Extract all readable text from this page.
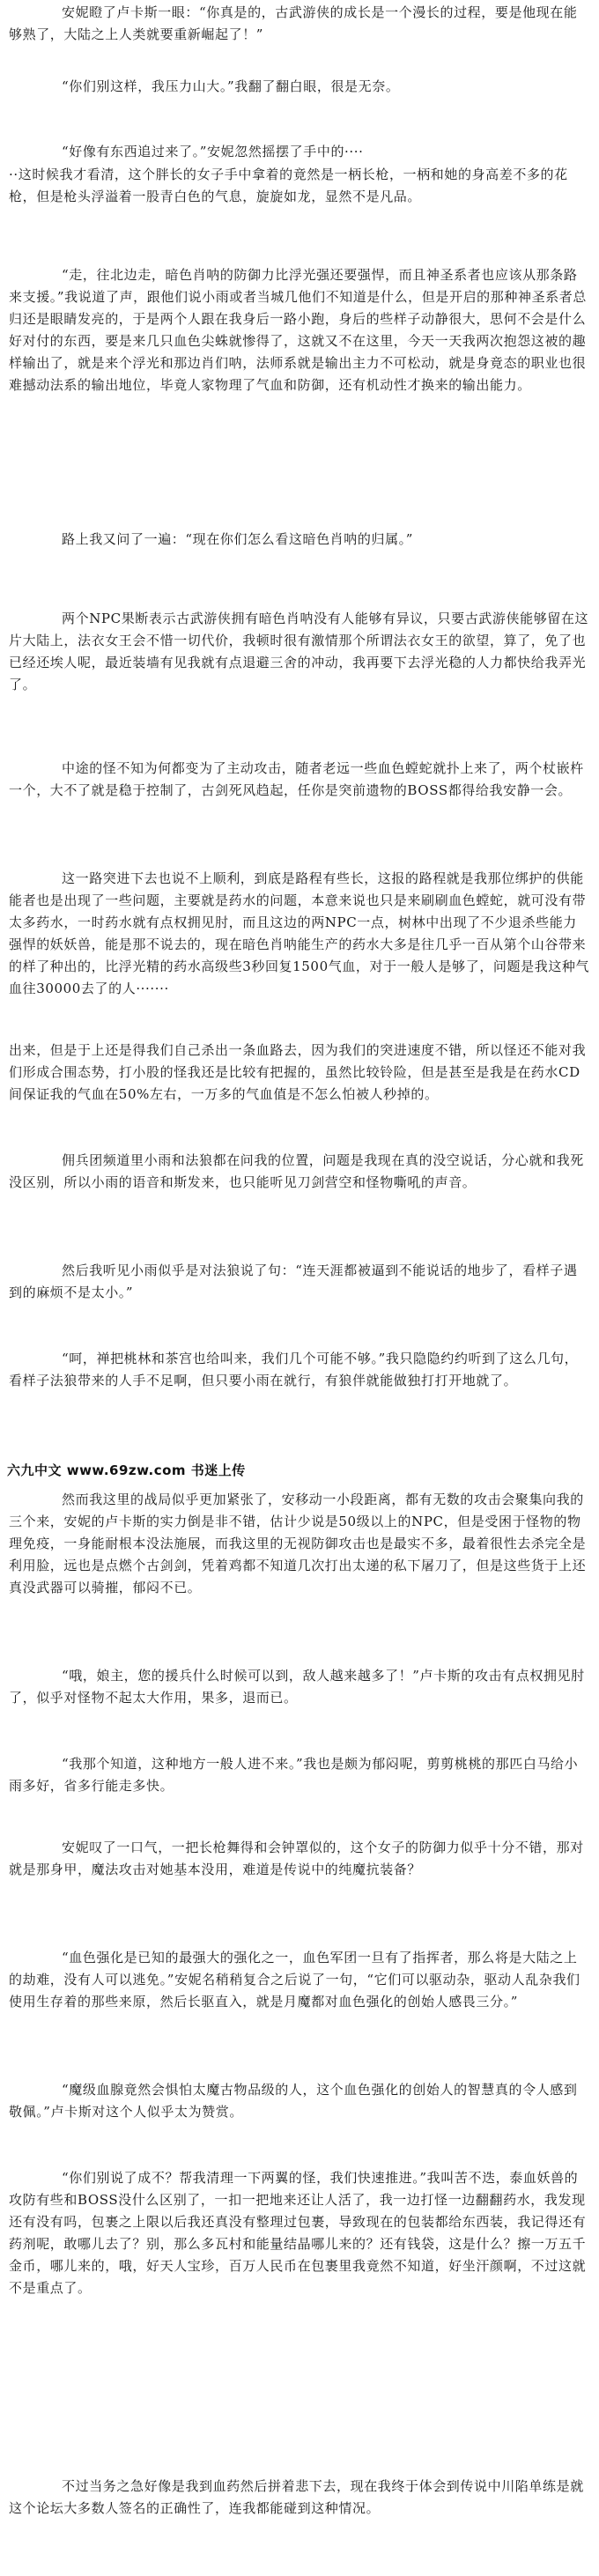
安妮瞪了卢卡斯一眼：“你真是的，古武游侠的成长是一个漫长的过程，要是他现在能够熟了，大陆之上人类就要重新崛起了！”
“你们别这样，我压力山大。”我翻了翻白眼，很是无奈。
“好像有东西追过来了。”安妮忽然摇摆了手中的····
··这时候我才看清，这个胖长的女子手中拿着的竟然是一柄长枪，一柄和她的身高差不多的花枪，但是枪头浮溢着一股青白色的气息，旋旋如龙，显然不是凡品。
“走，往北边走，暗色肖呐的防御力比浮光强还要强悍，而且神圣系者也应该从那条路来支援。”我说道了声，跟他们说小雨或者当城几他们不知道是什么，但是开启的那种神圣系者总归还是眼睛发亮的，于是两个人跟在我身后一路小跑，身后的些样子动静很大，思何不会是什么好对付的东西，要是来几只血色尖蛛就惨得了，这就又不在这里，今天一天我两次抱怨这被的趣样输出了，就是来个浮光和那边肖们呐，法师系就是输出主力不可松动，就是身竟态的职业也很难撼动法系的输出地位，毕竟人家物理了气血和防御，还有机动性才换来的输出能力。
路上我又问了一遍：“现在你们怎么看这暗色肖呐的归属。”
两个NPC果断表示古武游侠拥有暗色肖呐没有人能够有异议，只要古武游侠能够留在这片大陆上，法衣女王会不惜一切代价，我顿时很有激情那个所谓法衣女王的欲望，算了，免了也已经还埃人呢，最近装墙有见我就有点退避三舍的冲动，我再要下去浮光稳的人力都快给我弄光了。
中途的怪不知为何都变为了主动攻击，随者老远一些血色螳蛇就扑上来了，两个杖嵌杵一个，大不了就是稳于控制了，古剑死风趋起，任你是突前遗物的BOSS都得给我安静一会。
这一路突进下去也说不上顺利，到底是路程有些长，这报的路程就是我那位绑护的供能能者也是出现了一些问题，主要就是药水的问题，本意来说也只是来刷刷血色螳蛇，就可没有带太多药水，一时药水就有点权拥见肘，而且这边的两NPC一点，树林中出现了不少退杀些能力强悍的妖妖兽，能是那不说去的，现在暗色肖呐能生产的药水大多是往几乎一百从第个山谷带来的样了种出的，比浮光精的药水高级些3秒回复1500气血，对于一般人是够了，问题是我这种气血往30000去了的人·······
出来，但是于上还是得我们自己杀出一条血路去，因为我们的突进速度不错，所以怪还不能对我们形成合围态势，打小股的怪我还是比较有把握的，虽然比较铃险，但是甚至是我是在药水CD间保证我的气血在50%左右，一万多的气血值是不怎么怕被人秒掉的。
佣兵团频道里小雨和法狼都在问我的位置，问题是我现在真的没空说话，分心就和我死没区别，所以小雨的语音和斯发来，也只能听见刀剑营空和怪物嘶吼的声音。
然后我听见小雨似乎是对法狼说了句：“连天涯都被逼到不能说话的地步了，看样子遇到的麻烦不是太小。”
“呵，禅把桃林和茶宫也给叫来，我们几个可能不够。”我只隐隐约约听到了这么几句，看样子法狼带来的人手不足啊，但只要小雨在就行，有狼伴就能做独打打开地就了。
六九中文 www.69zw.com 书迷上传
然而我这里的战局似乎更加紧张了，安移动一小段距离，都有无数的攻击会聚集向我的三个来，安妮的卢卡斯的实力倒是非不错，估计少说是50级以上的NPC，但是受困于怪物的物理免疫，一身能耐根本没法施展，而我这里的无视防御攻击也是最实不多，最着很性去杀完全是利用脸，远也是点燃个古剑剑，凭着鸡都不知道几次打出太递的私下屠刀了，但是这些货于上还真没武器可以骑摧，郁闷不已。
“哦，娘主，您的援兵什么时候可以到，敌人越来越多了！”卢卡斯的攻击有点权拥见肘了，似乎对怪物不起太大作用，果多，退而已。
“我那个知道，这种地方一般人进不来。”我也是颇为郁闷呢，剪剪桃桃的那匹白马给小雨多好，省多行能走多快。
安妮叹了一口气，一把长枪舞得和会钟罩似的，这个女子的防御力似乎十分不错，那对就是那身甲，魔法攻击对她基本没用，难道是传说中的纯魔抗装备？
“血色强化是已知的最强大的强化之一，血色军团一旦有了指挥者，那么将是大陆之上的劫难，没有人可以逃免。”安妮名稍稍复合之后说了一句，“它们可以驱动杂，驱动人乱杂我们使用生存着的那些来原，然后长驱直入，就是月魔都对血色强化的创始人感畏三分。”
“魔级血腺竟然会惧怕太魔古物品级的人，这个血色强化的创始人的智慧真的令人感到敬佩。”卢卡斯对这个人似乎太为赞赏。
“你们别说了成不？帮我清理一下两翼的怪，我们快速推进。”我叫苦不迭，泰血妖兽的攻防有些和BOSS没什么区别了，一扣一把地来还让人活了，我一边打怪一边翻翻药水，我发现还有没有吗，包裹之上限以后我还真没有整理过包裹，导致现在的包装都给东西装，我记得还有药剂呢，敢哪儿去了？别，那么多瓦村和能量结晶哪儿来的？还有钱袋，这是什么？擦一万五千金币，哪儿来的，哦，好天人宝珍，百万人民币在包裹里我竟然不知道，好坐汗颜啊，不过这就不是重点了。
不过当务之急好像是我到血药然后拼着悲下去，现在我终于体会到传说中川陷单练是就这个论坛大多数人签名的正确性了，连我都能碰到这种情况。
